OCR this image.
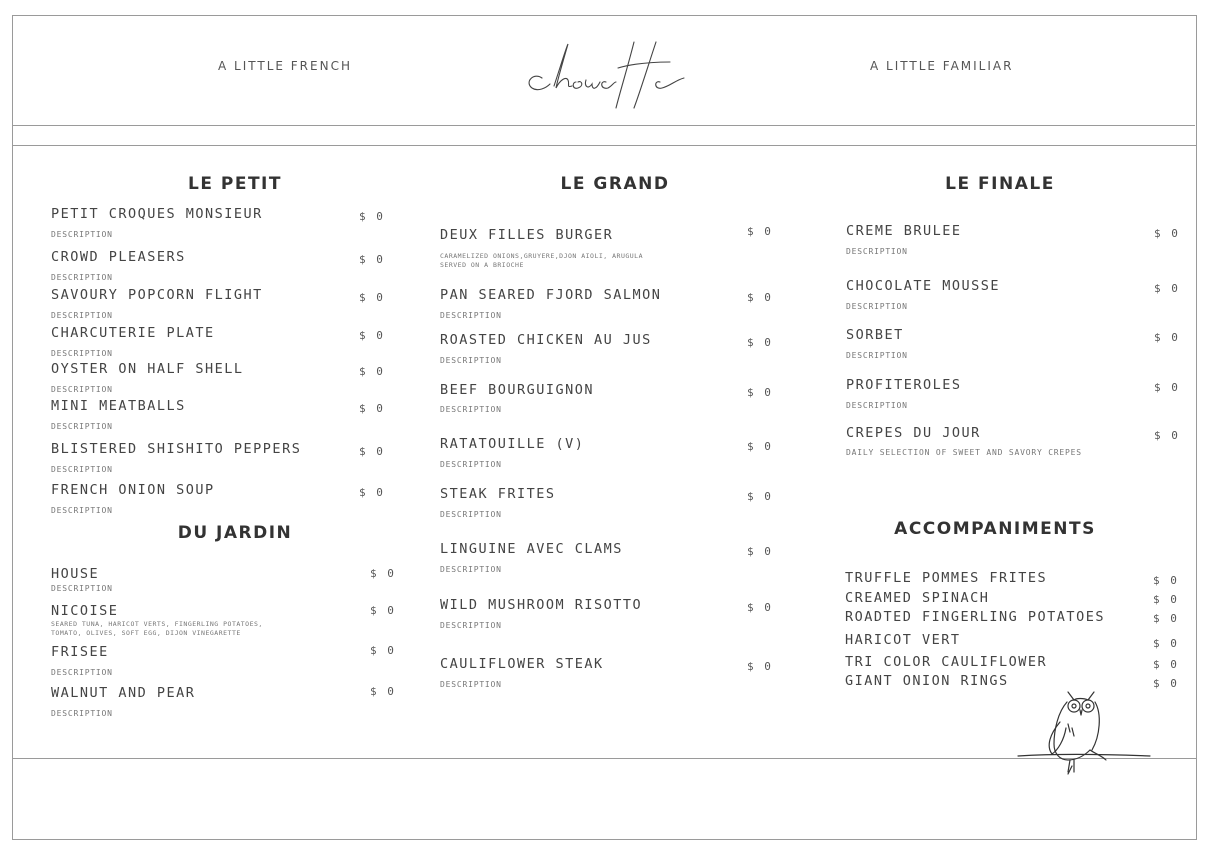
A LITTLE FRENCH	A LITTLE FAMILIAR
LE PETIT
DU JARDIN
LE GRAND	LE FINALE
ACCOMPANIMENTS
PETIT CROQUES MONSIEUR	$ 0
DESCRIPTION
CROWD PLEASERS	$ 0
DESCRIPTION
SAVOURY POPCORN FLIGHT	$ 0
DESCRIPTION
CHARCUTERIE PLATE	$ 0
DESCRIPTION
OYSTER ON HALF SHELL	$ 0
DESCRIPTION
MINI MEATBALLS	$ 0
DESCRIPTION
BLISTERED SHISHITO PEPPERS	$ 0
DESCRIPTION
FRENCH ONION SOUP	$ 0
DESCRIPTION
HOUSE	$ 0
DESCRIPTION
NICOISE	$ 0
SEARED TUNA, HARICOT VERTS, FINGERLING POTATOES,
TOMATO, OLIVES, SOFT EGG, DIJON VINEGARETTE
FRISEE	$ 0
DESCRIPTION
WALNUT AND PEAR	$ 0
DESCRIPTION
DEUX FILLES BURGER	$ 0
CARAMELIZED ONIONS,GRUYERE,DJON AIOLI, ARUGULA
SERVED ON A BRIOCHE
PAN SEARED FJORD SALMON	$ 0
DESCRIPTION
ROASTED CHICKEN AU JUS	$ 0
DESCRIPTION
BEEF BOURGUIGNON	$ 0
DESCRIPTION
RATATOUILLE (V)	$ 0
DESCRIPTION
STEAK FRITES	$ 0
DESCRIPTION
LINGUINE AVEC CLAMS	$ 0
DESCRIPTION
WILD MUSHROOM RISOTTO	$ 0
DESCRIPTION
CAULIFLOWER STEAK	$ 0
DESCRIPTION
CREME BRULEE	$ 0
DESCRIPTION
CHOCOLATE MOUSSE	$ 0
DESCRIPTION
SORBET	$ 0
DESCRIPTION
PROFITEROLES	$ 0
DESCRIPTION
CREPES DU JOUR	$ 0
DAILY SELECTION OF SWEET AND SAVORY CREPES
TRUFFLE POMMES FRITES	$ 0
CREAMED SPINACH	$ 0
ROADTED FINGERLING POTATOES	$ 0
HARICOT VERT	$ 0
TRI COLOR CAULIFLOWER	$ 0
GIANT ONION RINGS	$ 0
